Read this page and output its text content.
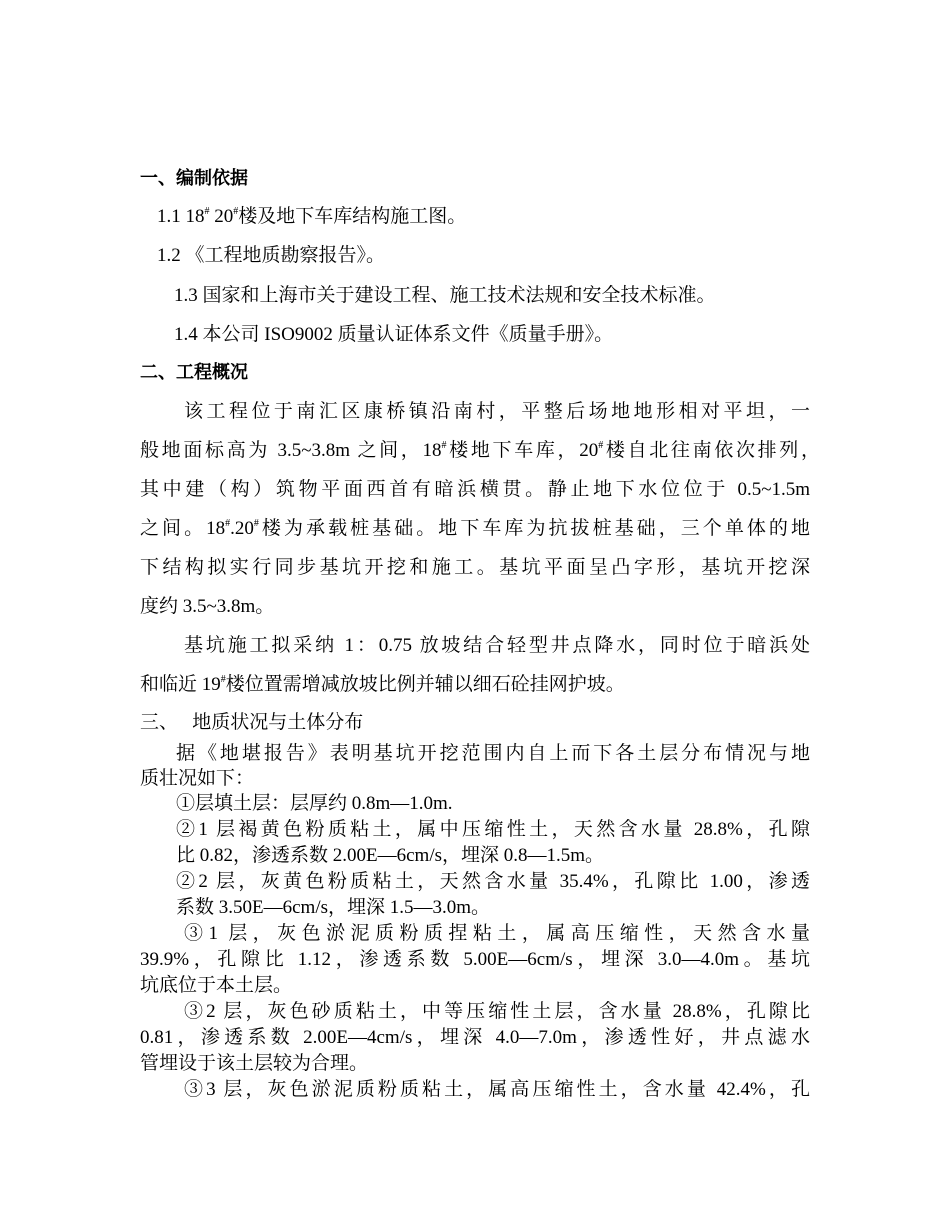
一、编制依据
1.1 18# 20#楼及地下车库结构施工图。
1.2 《工程地质勘察报告》。
1.3 国家和上海市关于建设工程、施工技术法规和安全技术标准。
1.4 本公司 ISO9002 质量认证体系文件《质量手册》。
二、工程概况
该工程位于南汇区康桥镇沿南村，平整后场地地形相对平坦，一
般地面标高为 3.5~3.8m 之间，18#楼地下车库，20#楼自北往南依次排列，
其中建（构）筑物平面西首有暗浜横贯。静止地下水位位于 0.5~1.5m
之间。18#.20#楼为承载桩基础。地下车库为抗拔桩基础，三个单体的地
下结构拟实行同步基坑开挖和施工。基坑平面呈凸字形，基坑开挖深
度约 3.5~3.8m。
基坑施工拟采纳 1：0.75 放坡结合轻型井点降水，同时位于暗浜处
和临近 19#楼位置需增减放坡比例并辅以细石砼挂网护坡。
三、   地质状况与土体分布
据《地堪报告》表明基坑开挖范围内自上而下各土层分布情况与地
质壮况如下：
①层填土层：层厚约 0.8m—1.0m.
②1 层褐黄色粉质粘土，属中压缩性土，天然含水量 28.8%，孔隙
比 0.82，渗透系数 2.00E—6cm/s，埋深 0.8—1.5m。
②2 层，灰黄色粉质粘土，天然含水量 35.4%，孔隙比 1.00，渗透
系数 3.50E—6cm/s，埋深 1.5—3.0m。
③1 层，灰色淤泥质粉质捏粘土，属高压缩性，天然含水量
39.9%，孔隙比 1.12，渗透系数 5.00E—6cm/s，埋深 3.0—4.0m。基坑
坑底位于本土层。
③2 层，灰色砂质粘土，中等压缩性土层，含水量 28.8%，孔隙比
0.81，渗透系数 2.00E—4cm/s，埋深 4.0—7.0m，渗透性好，井点滤水
管埋设于该土层较为合理。
③3 层，灰色淤泥质粉质粘土，属高压缩性土，含水量 42.4%，孔
